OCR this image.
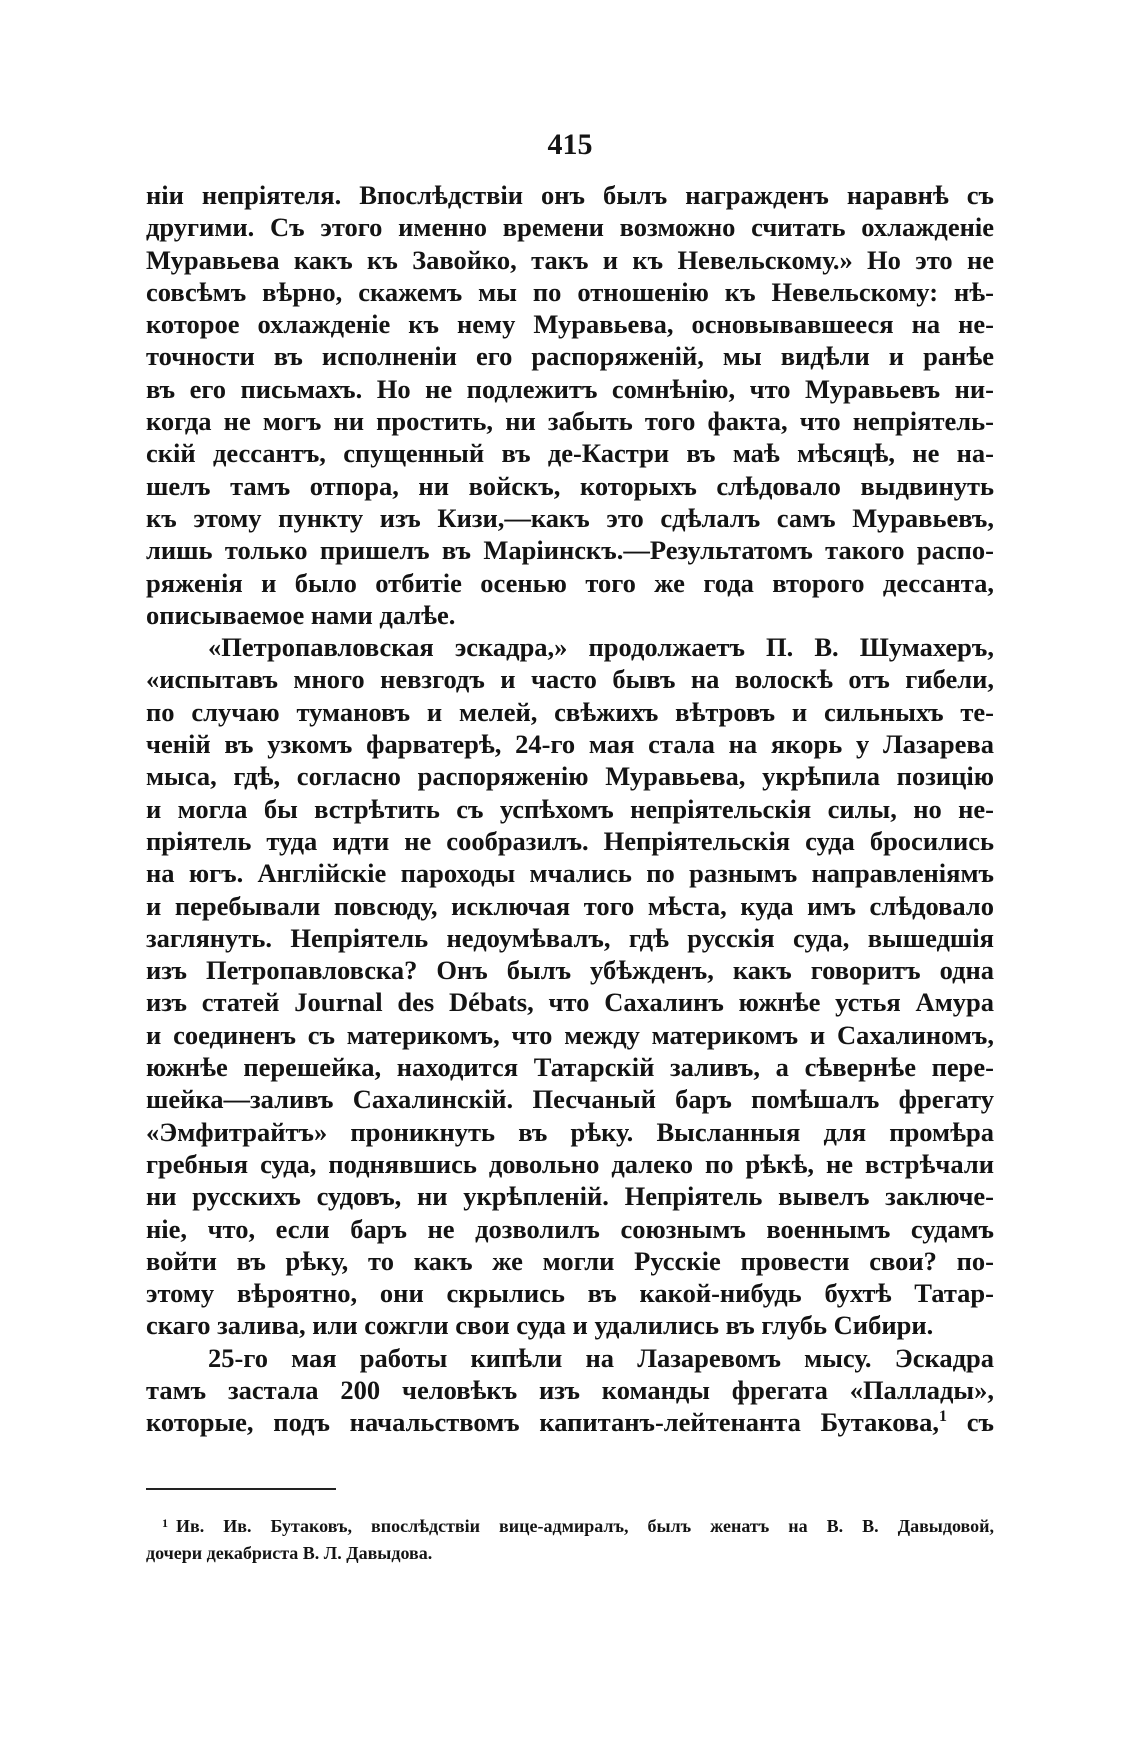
415
ніи непріятеля. Впослѣдствіи онъ былъ награжденъ наравнѣ съ
другими. Съ этого именно времени возможно считать охлажденіе
Муравьева какъ къ Завойко, такъ и къ Невельскому.» Но это не
совсѣмъ вѣрно, скажемъ мы по отношенію къ Невельскому: нѣ-
которое охлажденіе къ нему Муравьева, основывавшееся на не-
точности въ исполненіи его распоряженій, мы видѣли и ранѣе
въ его письмахъ. Но не подлежитъ сомнѣнію, что Муравьевъ ни-
когда не могъ ни простить, ни забыть того факта, что непріятель-
скій дессантъ, спущенный въ де-Кастри въ маѣ мѣсяцѣ, не на-
шелъ тамъ отпора, ни войскъ, которыхъ слѣдовало выдвинуть
къ этому пункту изъ Кизи,—какъ это сдѣлалъ самъ Муравьевъ,
лишь только пришелъ въ Маріинскъ.—Результатомъ такого распо-
ряженія и было отбитіе осенью того же года второго дессанта,
описываемое нами далѣе.
«Петропавловская эскадра,» продолжаетъ П. В. Шумахеръ,
«испытавъ много невзгодъ и часто бывъ на волоскѣ отъ гибели,
по случаю тумановъ и мелей, свѣжихъ вѣтровъ и сильныхъ те-
ченій въ узкомъ фарватерѣ, 24-го мая стала на якорь у Лазарева
мыса, гдѣ, согласно распоряженію Муравьева, укрѣпила позицію
и могла бы встрѣтить съ успѣхомъ непріятельскія силы, но не-
пріятель туда идти не сообразилъ. Непріятельскія суда бросились
на югъ. Англійскіе пароходы мчались по разнымъ направленіямъ
и перебывали повсюду, исключая того мѣста, куда имъ слѣдовало
заглянуть. Непріятель недоумѣвалъ, гдѣ русскія суда, вышедшія
изъ Петропавловска? Онъ былъ убѣжденъ, какъ говоритъ одна
изъ статей Journal des Débats, что Сахалинъ южнѣе устья Амура
и соединенъ съ материкомъ, что между материкомъ и Сахалиномъ,
южнѣе перешейка, находится Татарскій заливъ, а сѣвернѣе пере-
шейка—заливъ Сахалинскій. Песчаный баръ помѣшалъ фрегату
«Эмфитрайтъ» проникнуть въ рѣку. Высланныя для промѣра
гребныя суда, поднявшись довольно далеко по рѣкѣ, не встрѣчали
ни русскихъ судовъ, ни укрѣпленій. Непріятель вывелъ заключе-
ніе, что, если баръ не дозволилъ союзнымъ военнымъ судамъ
войти въ рѣку, то какъ же могли Русскіе провести свои? по-
этому вѣроятно, они скрылись въ какой-нибудь бухтѣ Татар-
скаго залива, или сожгли свои суда и удалились въ глубь Сибири.
25-го мая работы кипѣли на Лазаревомъ мысу. Эскадра
тамъ застала 200 человѣкъ изъ команды фрегата «Паллады»,
которые, подъ начальствомъ капитанъ-лейтенанта Бутакова,$^1$ съ
$^1$ Ив. Ив. Бутаковъ, впослѣдствіи вице-адмиралъ, былъ женатъ на В. В. Давыдовой,
дочери декабриста В. Л. Давыдова.
